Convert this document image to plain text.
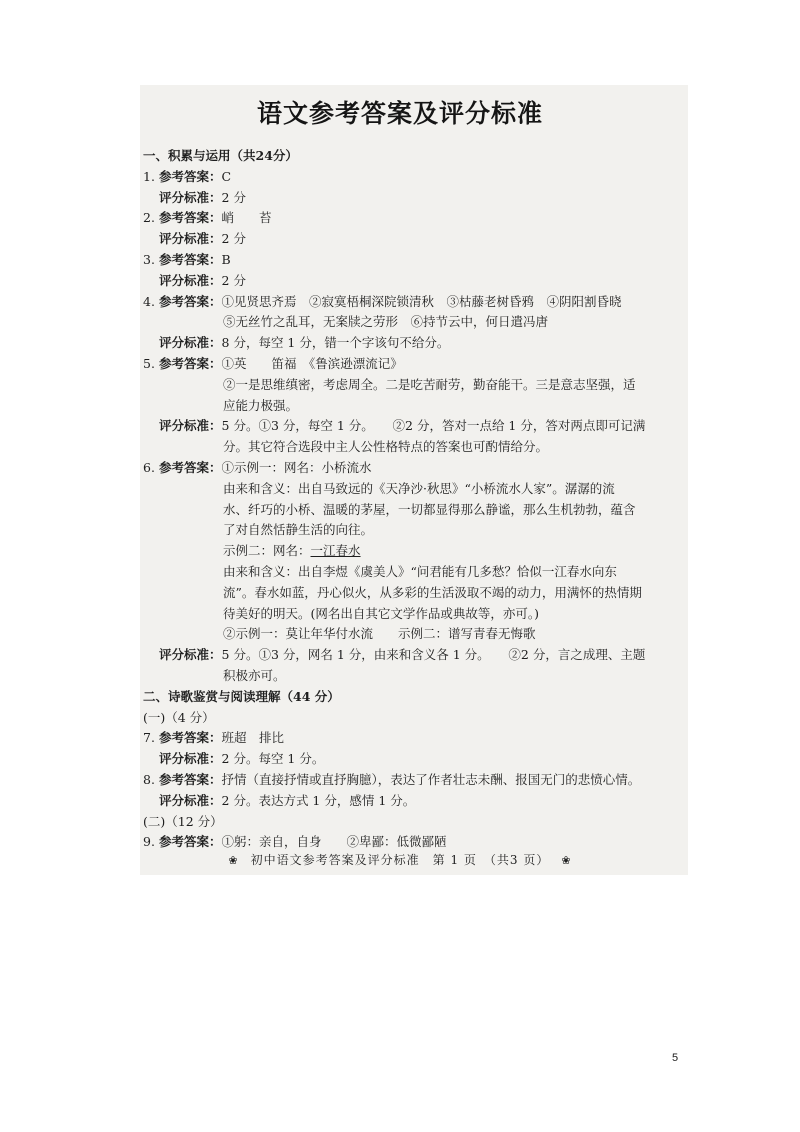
语文参考答案及评分标准
一、积累与运用（共24分）
1. 参考答案：C
评分标准：2 分
2. 参考答案：峭　　苔
评分标准：2 分
3. 参考答案：B
评分标准：2 分
4. 参考答案：①见贤思齐焉　②寂寞梧桐深院锁清秋　③枯藤老树昏鸦　④阴阳割昏晓
⑤无丝竹之乱耳，无案牍之劳形　⑥持节云中，何日遣冯唐
评分标准：8 分，每空 1 分，错一个字该句不给分。
5. 参考答案：①英　　笛福　《鲁滨逊漂流记》
②一是思维缜密，考虑周全。二是吃苦耐劳，勤奋能干。三是意志坚强，适
应能力极强。
评分标准：5 分。①3 分，每空 1 分。　　②2 分，答对一点给 1 分，答对两点即可记满
分。其它符合选段中主人公性格特点的答案也可酌情给分。
6. 参考答案：①示例一：网名：小桥流水
由来和含义：出自马致远的《天净沙·秋思》“小桥流水人家”。潺潺的流
水、纤巧的小桥、温暖的茅屋，一切都显得那么静谧，那么生机勃勃，蕴含
了对自然恬静生活的向往。
示例二：网名：一江春水
由来和含义：出自李煜《虞美人》“问君能有几多愁？恰似一江春水向东
流”。春水如蓝，丹心似火，从多彩的生活汲取不竭的动力，用满怀的热情期
待美好的明天。(网名出自其它文学作品或典故等，亦可。)
②示例一：莫让年华付水流　　示例二：谱写青春无悔歌
评分标准：5 分。①3 分，网名 1 分，由来和含义各 1 分。　　②2 分，言之成理、主题
积极亦可。
二、诗歌鉴赏与阅读理解（44 分）
(一)（4 分）
7. 参考答案：班超　排比
评分标准：2 分。每空 1 分。
8. 参考答案：抒情（直接抒情或直抒胸臆），表达了作者壮志未酬、报国无门的悲愤心情。
评分标准：2 分。表达方式 1 分，感情 1 分。
(二)（12 分）
9. 参考答案：①躬：亲自，自身　　②卑鄙：低微鄙陋
❀ 初中语文参考答案及评分标准　第 1 页　（共3 页） ❀
5
